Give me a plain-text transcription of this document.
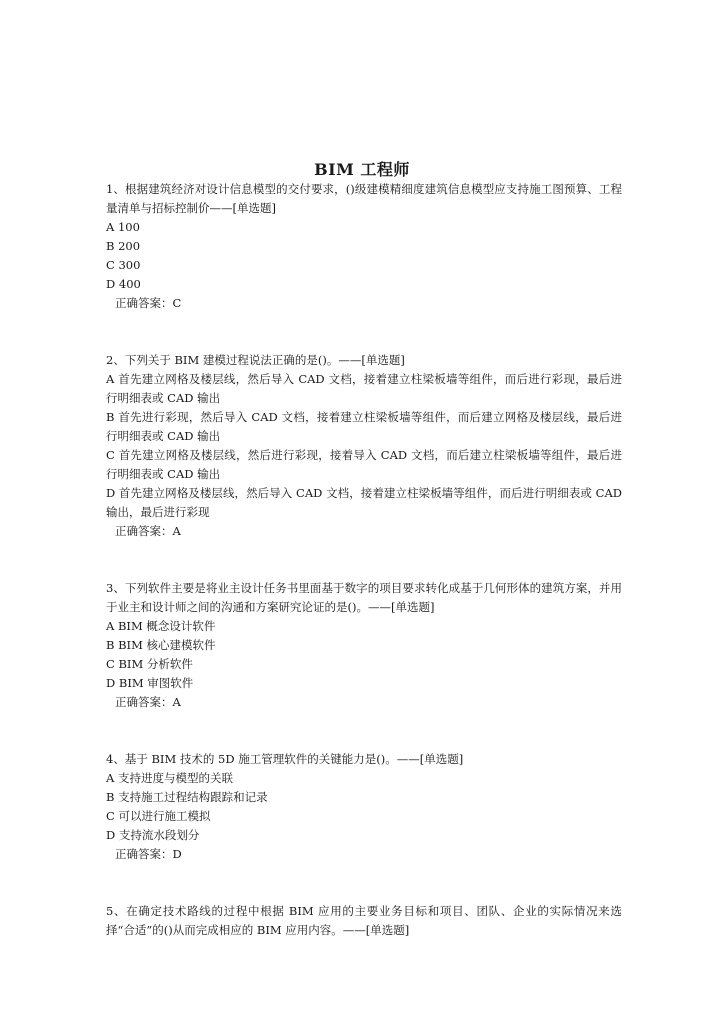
BIM 工程师

1、根据建筑经济对设计信息模型的交付要求，()级建模精细度建筑信息模型应支持施工图预算、工程量清单与招标控制价——[单选题]

A 100

B 200

C 300

D 400

正确答案：C

2、下列关于 BIM 建模过程说法正确的是()。——[单选题]

A 首先建立网格及楼层线，然后导入 CAD 文档，接着建立柱梁板墙等组件，而后进行彩现，最后进行明细表或 CAD 输出

B 首先进行彩现，然后导入 CAD 文档，接着建立柱梁板墙等组件，而后建立网格及楼层线，最后进行明细表或 CAD 输出

C 首先建立网格及楼层线，然后进行彩现，接着导入 CAD 文档，而后建立柱梁板墙等组件，最后进行明细表或 CAD 输出

D 首先建立网格及楼层线，然后导入 CAD 文档，接着建立柱梁板墙等组件，而后进行明细表或 CAD 输出，最后进行彩现

正确答案：A

3、下列软件主要是将业主设计任务书里面基于数字的项目要求转化成基于几何形体的建筑方案，并用于业主和设计师之间的沟通和方案研究论证的是()。——[单选题]

A BIM 概念设计软件

B BIM 核心建模软件

C BIM 分析软件

D BIM 审图软件

正确答案：A

4、基于 BIM 技术的 5D 施工管理软件的关键能力是()。——[单选题]

A 支持进度与模型的关联

B 支持施工过程结构跟踪和记录

C 可以进行施工模拟

D 支持流水段划分

正确答案：D

5、在确定技术路线的过程中根据 BIM 应用的主要业务目标和项目、团队、企业的实际情况来选择“合适”的()从而完成相应的 BIM 应用内容。——[单选题]
